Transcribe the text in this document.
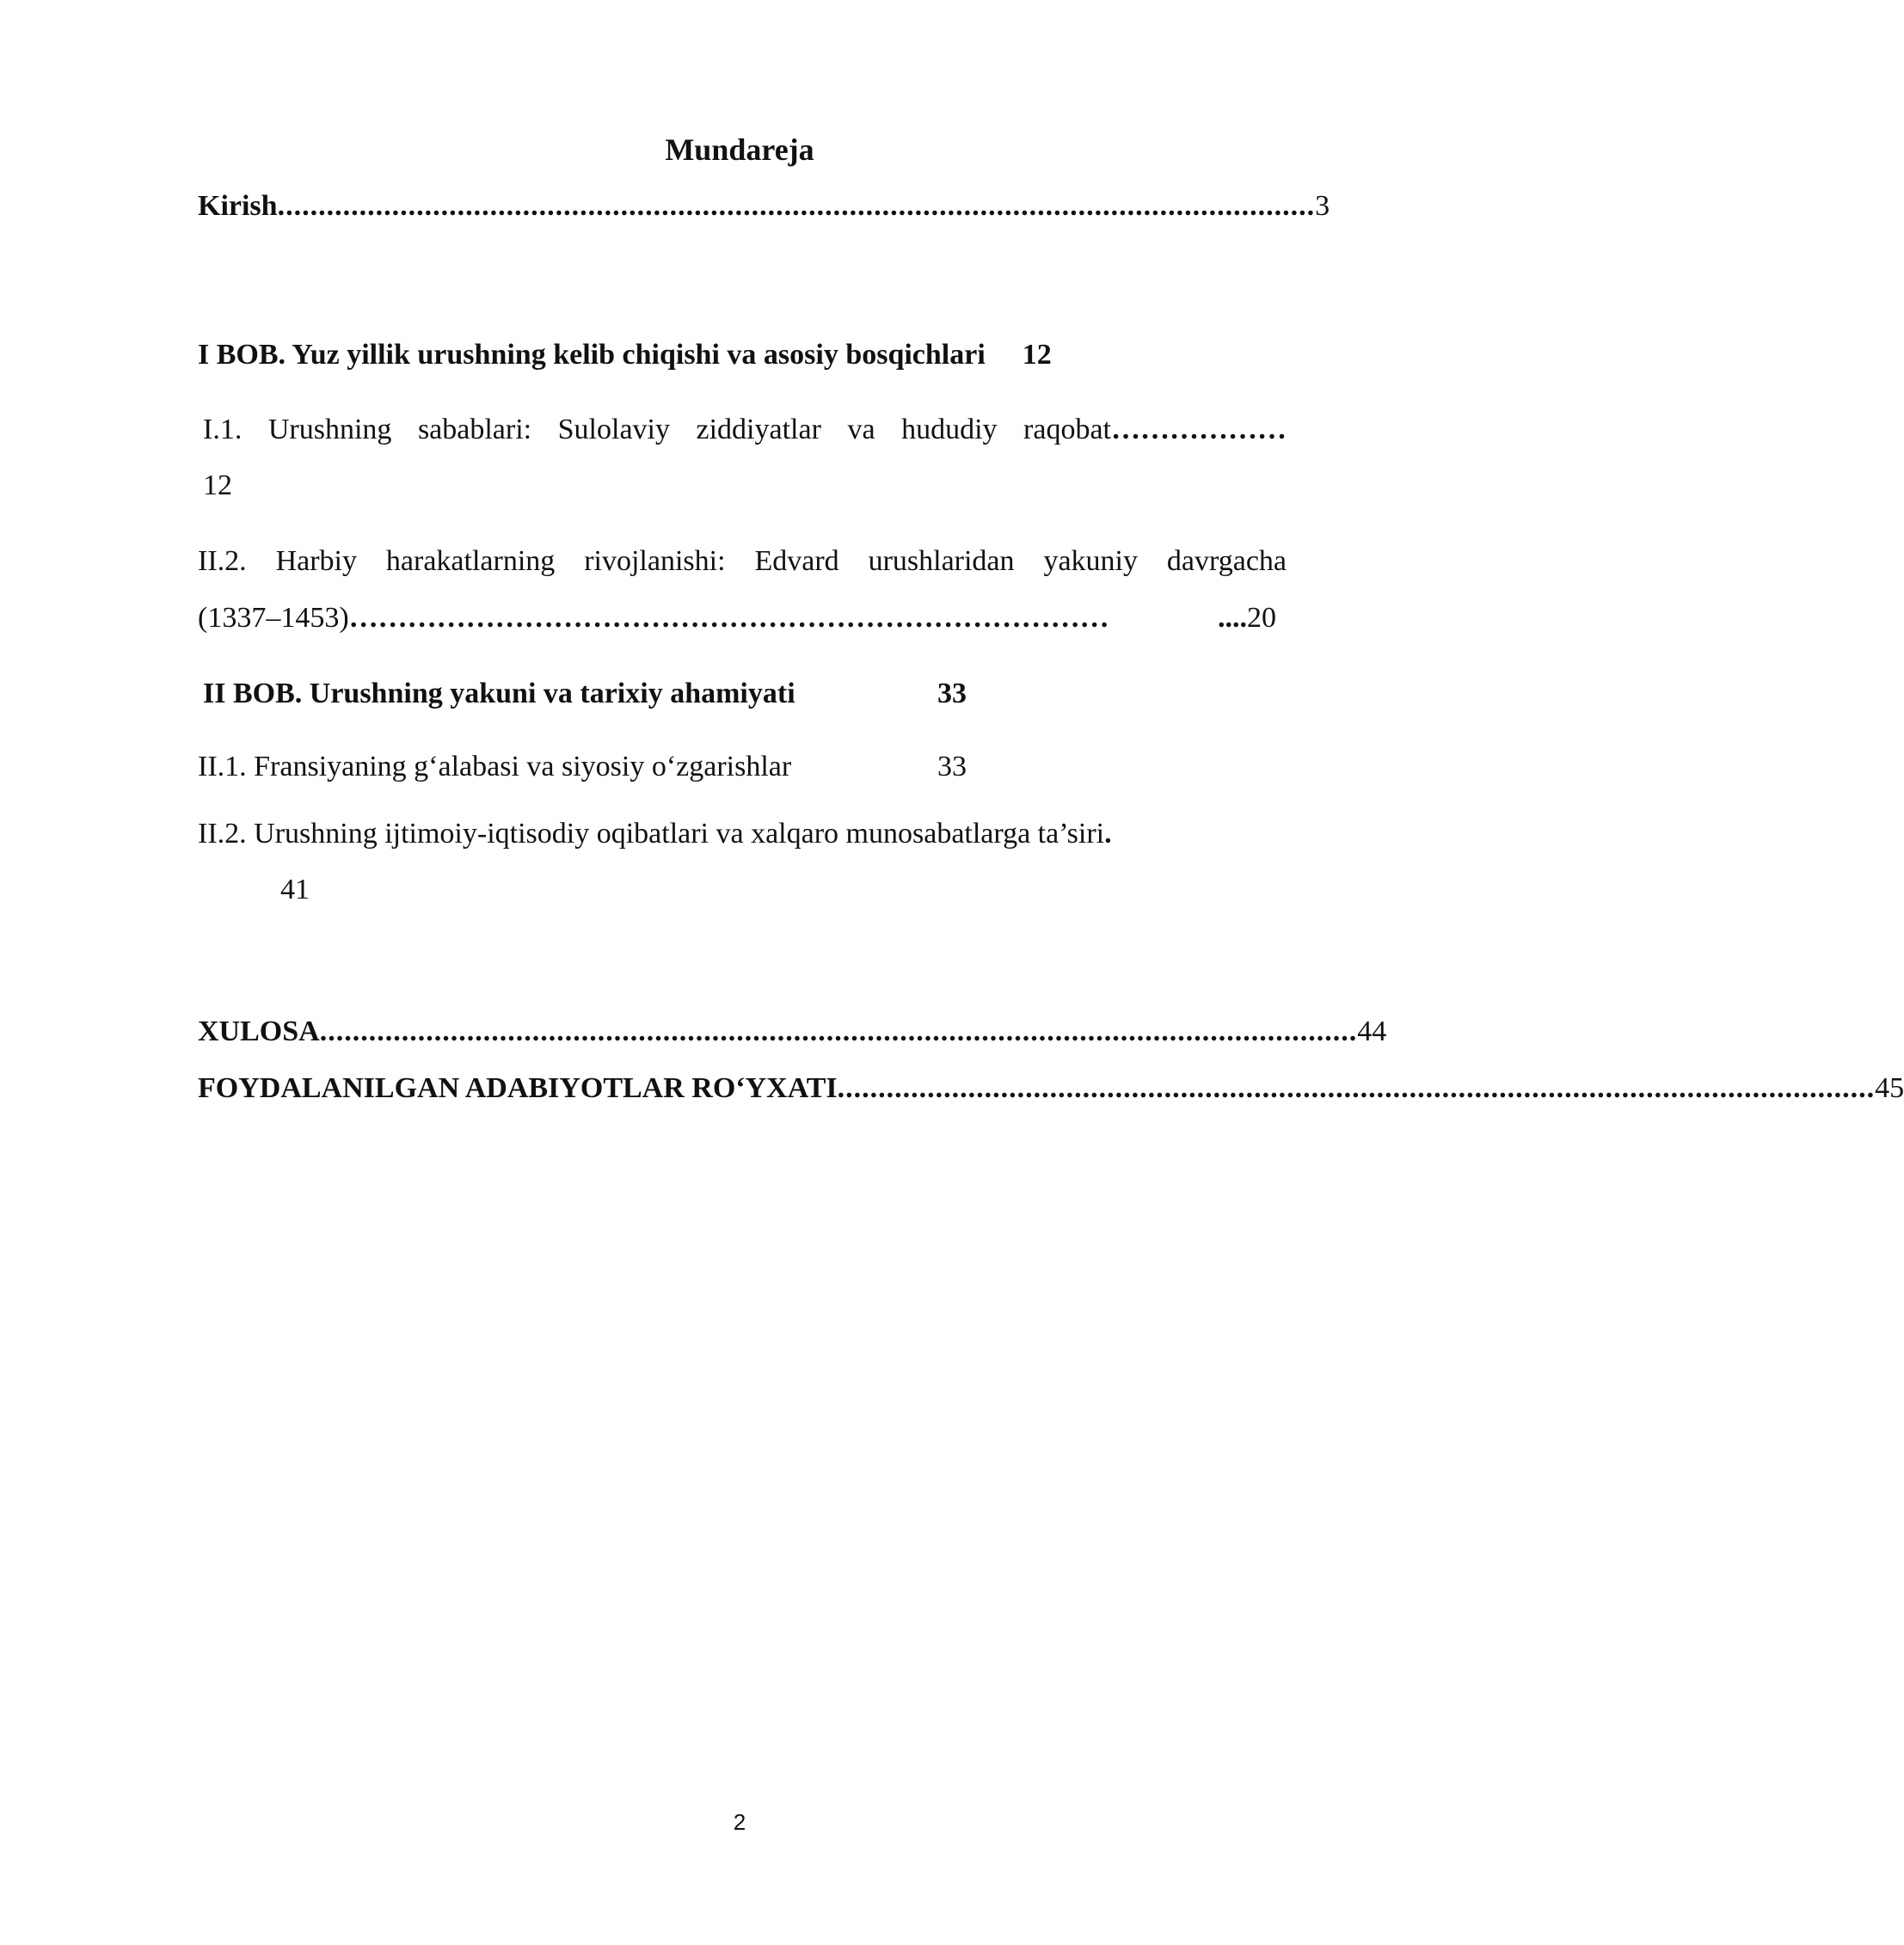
Mundareja
Kirish ............................................................................................................................... 3
I BOB. Yuz yillik urushning kelib chiqishi va asosiy bosqichlari 12
I.1. Urushning sabablari: Sulolaviy ziddiyatlar va hududiy raqobat………………
12
II.2. Harbiy harakatlarning rivojlanishi: Edvard urushlaridan yakuniy davrgacha
(1337–1453) ……………………………………………………………………	....20
II BOB. Urushning yakuni va tarixiy ahamiyati	33
II.1. Fransiyaning g‘alabasi va siyosiy o‘zgarishlar	33
II.2. Urushning ijtimoiy-iqtisodiy oqibatlari va xalqaro munosabatlarga ta’siri.
41
XULOSA ............................................................................................................................... 44
FOYDALANILGAN ADABIYOTLAR RO‘YXATI ............................................................................................................................... 45
2
